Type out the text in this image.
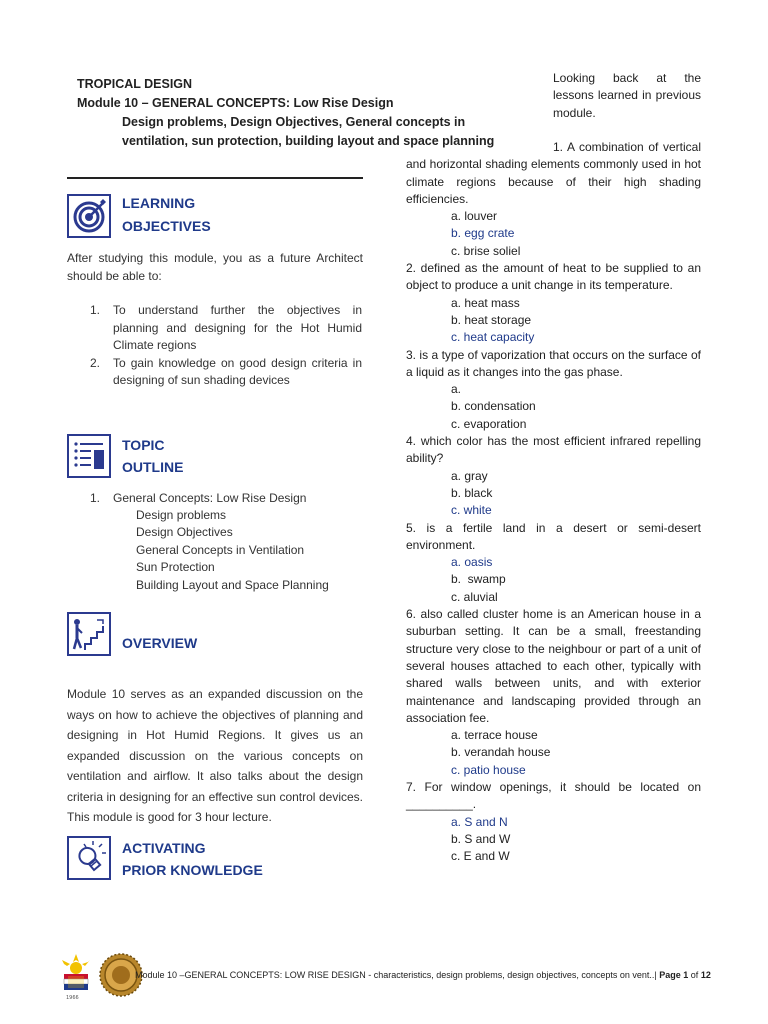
TROPICAL DESIGN
Module 10 – GENERAL CONCEPTS: Low Rise Design
Design problems, Design Objectives, General concepts in
ventilation, sun protection, building layout and space planning
LEARNING
OBJECTIVES
After studying this module, you as a future Architect should be able to:
1. To understand further the objectives in planning and designing for the Hot Humid Climate regions
2. To gain knowledge on good design criteria in designing of sun shading devices
TOPIC
OUTLINE
1. General Concepts: Low Rise Design
Design problems
Design Objectives
General Concepts in Ventilation
Sun Protection
Building Layout and Space Planning
OVERVIEW
Module 10 serves as an expanded discussion on the ways on how to achieve the objectives of planning and designing in Hot Humid Regions. It gives us an expanded discussion on the various concepts on ventilation and airflow. It also talks about the design criteria in designing for an effective sun control devices. This module is good for 3 hour lecture.
ACTIVATING
PRIOR KNOWLEDGE
Looking back at the lessons learned in previous module.
1. A combination of vertical and horizontal shading elements commonly used in hot climate regions because of their high shading efficiencies.
a. louver
b. egg crate
c. brise soliel
2. defined as the amount of heat to be supplied to an object to produce a unit change in its temperature.
a. heat mass
b. heat storage
c. heat capacity
3. is a type of vaporization that occurs on the surface of a liquid as it changes into the gas phase.
a.
b. condensation
c. evaporation
4. which color has the most efficient infrared repelling ability?
a. gray
b. black
c. white
5. is a fertile land in a desert or semi-desert environment.
a. oasis
b.  swamp
c. aluvial
6. also called cluster home is an American house in a suburban setting. It can be a small, freestanding structure very close to the neighbour or part of a unit of several houses attached to each other, typically with shared walls between units, and with exterior maintenance and landscaping provided through an association fee.
a. terrace house
b. verandah house
c. patio house
7. For window openings, it should be located on __________.
a. S and N
b. S and W
c. E and W
1966
Module 10 –GENERAL CONCEPTS: LOW RISE DESIGN - characteristics, design problems, design objectives, concepts on vent..| Page 1 of 12
